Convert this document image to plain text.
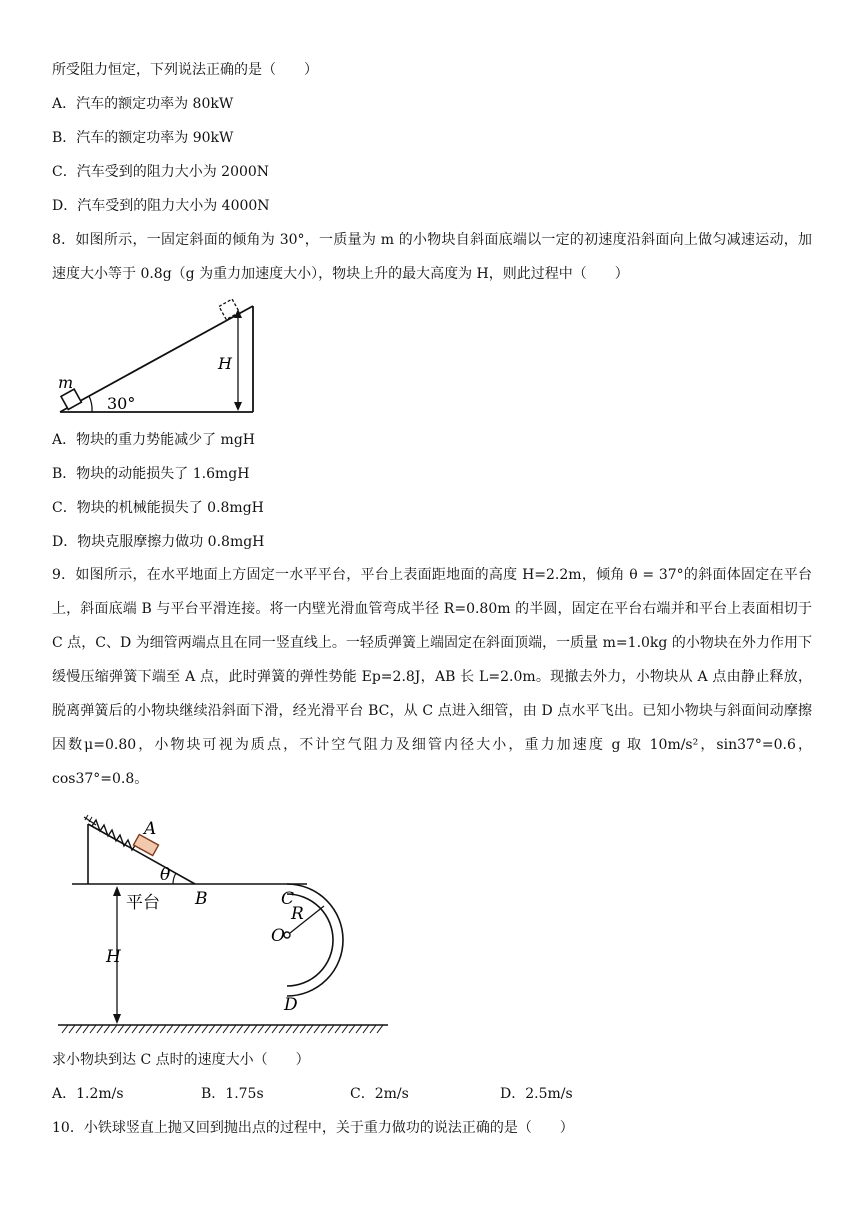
所受阻力恒定，下列说法正确的是（　　）
A．汽车的额定功率为 80kW
B．汽车的额定功率为 90kW
C．汽车受到的阻力大小为 2000N
D．汽车受到的阻力大小为 4000N
8．如图所示，一固定斜面的倾角为 30°，一质量为 m 的小物块自斜面底端以一定的初速度沿斜面向上做匀减速运动，加速度大小等于 0.8g（g 为重力加速度大小），物块上升的最大高度为 H，则此过程中（　　）
m
30°
H
A．物块的重力势能减少了 mgH
B．物块的动能损失了 1.6mgH
C．物块的机械能损失了 0.8mgH
D．物块克服摩擦力做功 0.8mgH
9．如图所示，在水平地面上方固定一水平平台，平台上表面距地面的高度 H=2.2m，倾角 θ = 37°的斜面体固定在平台上，斜面底端 B 与平台平滑连接。将一内壁光滑血管弯成半径 R=0.80m 的半圆，固定在平台右端并和平台上表面相切于 C 点，C、D 为细管两端点且在同一竖直线上。一轻质弹簧上端固定在斜面顶端，一质量 m=1.0kg 的小物块在外力作用下缓慢压缩弹簧下端至 A 点，此时弹簧的弹性势能 Ep=2.8J，AB 长 L=2.0m。现撤去外力，小物块从 A 点由静止释放，脱离弹簧后的小物块继续沿斜面下滑，经光滑平台 BC，从 C 点进入细管，由 D 点水平飞出。已知小物块与斜面间动摩擦因数μ=0.80，小物块可视为质点，不计空气阻力及细管内径大小，重力加速度 g 取 10m/s²，sin37°=0.6，cos37°=0.8。
A
θ
B
平台
H
C
R
O
D
求小物块到达 C 点时的速度大小（　　）
A．1.2m/s	B．1.75s	C．2m/s	D．2.5m/s
10．小铁球竖直上抛又回到抛出点的过程中，关于重力做功的说法正确的是（　　）
